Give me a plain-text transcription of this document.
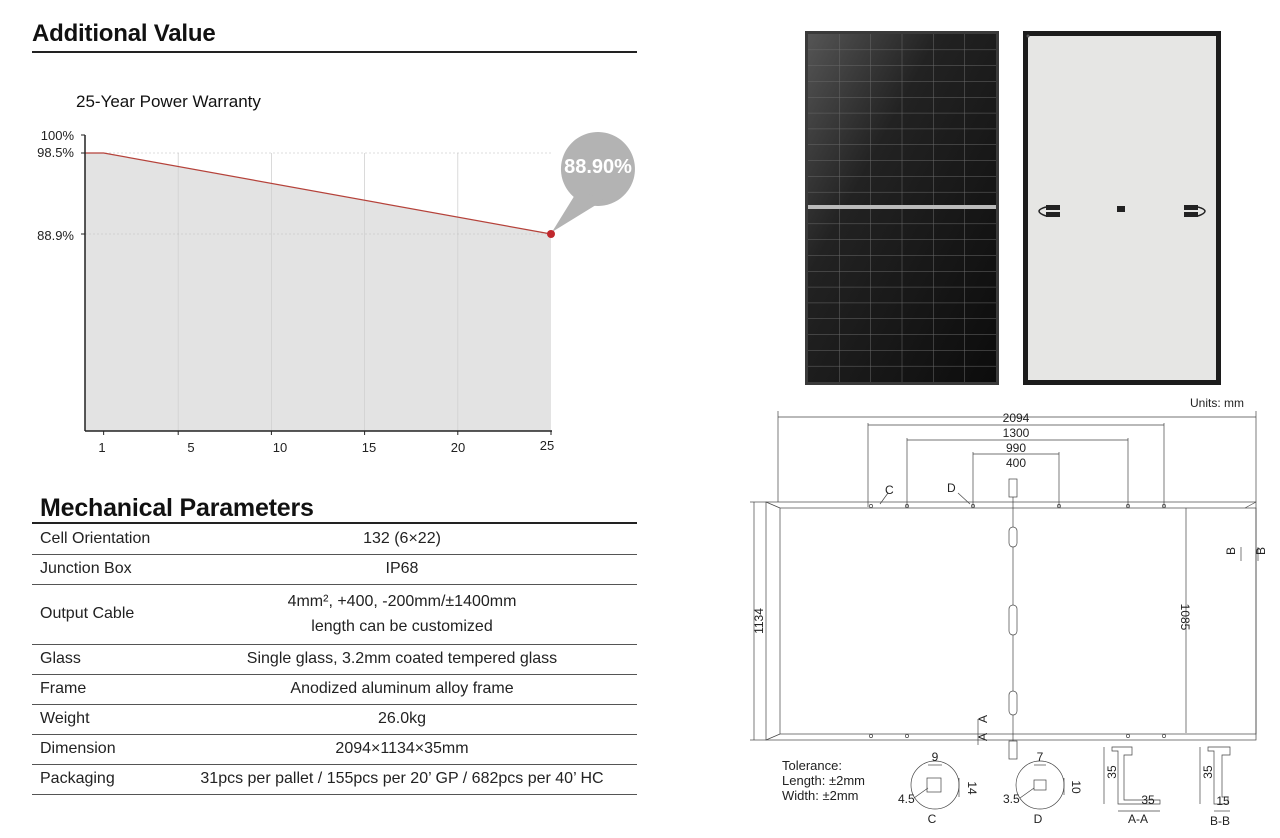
Additional Value
25-Year Power Warranty
100%
98.5%
88.9%
88.90%
1	5	10	15	20	25
Mechanical Parameters
Cell Orientation	132 (6×22)
Junction Box	IP68
Output Cable	4mm², +400, -200mm/±1400mm
length can be customized

Glass	Single glass, 3.2mm coated tempered glass
Frame	Anodized aluminum alloy frame
Weight	26.0kg
Dimension	2094×1134×35mm
Packaging	31pcs per pallet / 155pcs per 20’ GP / 682pcs per 40’ HC
Units: mm
2094
1300
990
400
C	D
1134	1085
A
A
B B
9
14
4.5
C
7
10
3.5
D
35
35
A-A
35
15
B-B
Tolerance:
Length: ±2mm
Width: ±2mm
